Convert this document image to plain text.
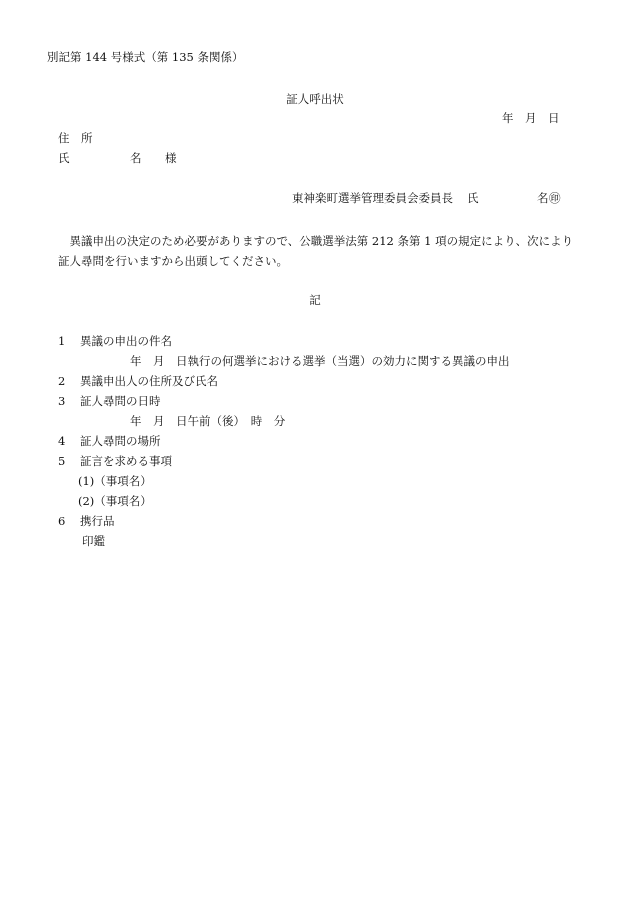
別記第 144 号様式（第 135 条関係）
証人呼出状
年　月　日
住　所
氏	名 様
東神楽町選挙管理委員会委員長 氏	名 ㊞
　異議申出の決定のため必要がありますので、公職選挙法第 212 条第 1 項の規定により、次により
証人尋問を行いますから出頭してください。
記
1 異議の申出の件名
年　月　日執行の何選挙における選挙（当選）の効力に関する異議の申出
2 異議申出人の住所及び氏名
3 証人尋問の日時
年　月　日午前（後）　時　分
4 証人尋問の場所
5 証言を求める事項
(1)（事項名）
(2)（事項名）
6 携行品
印鑑
